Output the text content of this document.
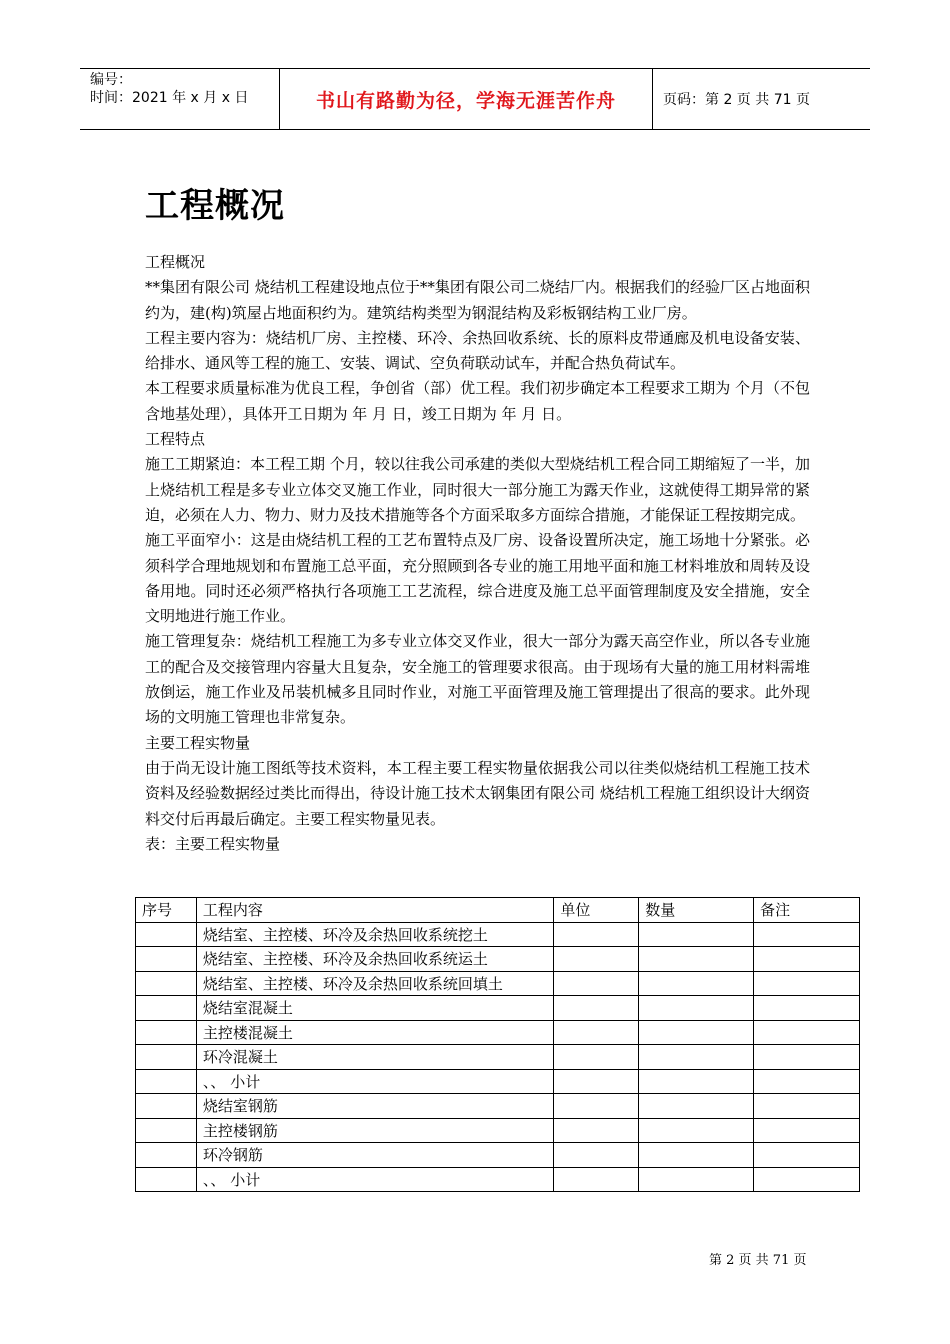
编号：
时间：2021 年 x 月 x 日	书山有路勤为径，学海无涯苦作舟	页码：第 2 页 共 71 页
工程概况

工程概况

**集团有限公司 烧结机工程建设地点位于**集团有限公司二烧结厂内。根据我们的经验厂区占地面积约为，建(构)筑屋占地面积约为。建筑结构类型为钢混结构及彩板钢结构工业厂房。

工程主要内容为：烧结机厂房、主控楼、环冷、余热回收系统、长的原料皮带通廊及机电设备安装、给排水、通风等工程的施工、安装、调试、空负荷联动试车，并配合热负荷试车。

本工程要求质量标准为优良工程，争创省（部）优工程。我们初步确定本工程要求工期为 个月（不包含地基处理），具体开工日期为 年 月 日，竣工日期为 年 月 日。

工程特点

施工工期紧迫：本工程工期 个月，较以往我公司承建的类似大型烧结机工程合同工期缩短了一半，加上烧结机工程是多专业立体交叉施工作业，同时很大一部分施工为露天作业，这就使得工期异常的紧迫，必须在人力、物力、财力及技术措施等各个方面采取多方面综合措施，才能保证工程按期完成。

施工平面窄小：这是由烧结机工程的工艺布置特点及厂房、设备设置所决定，施工场地十分紧张。必须科学合理地规划和布置施工总平面，充分照顾到各专业的施工用地平面和施工材料堆放和周转及设备用地。同时还必须严格执行各项施工工艺流程，综合进度及施工总平面管理制度及安全措施，安全文明地进行施工作业。

施工管理复杂：烧结机工程施工为多专业立体交叉作业，很大一部分为露天高空作业，所以各专业施工的配合及交接管理内容量大且复杂，安全施工的管理要求很高。由于现场有大量的施工用材料需堆放倒运，施工作业及吊装机械多且同时作业，对施工平面管理及施工管理提出了很高的要求。此外现场的文明施工管理也非常复杂。

主要工程实物量

由于尚无设计施工图纸等技术资料，本工程主要工程实物量依据我公司以往类似烧结机工程施工技术资料及经验数据经过类比而得出，待设计施工技术太钢集团有限公司 烧结机工程施工组织设计大纲资料交付后再最后确定。主要工程实物量见表。

表：主要工程实物量

序号	工程内容	单位	数量	备注
	烧结室、主控楼、环冷及余热回收系统挖土			
	烧结室、主控楼、环冷及余热回收系统运土			
	烧结室、主控楼、环冷及余热回收系统回填土			
	烧结室混凝土			
	主控楼混凝土			
	环冷混凝土			
	、、 小计			
	烧结室钢筋			
	主控楼钢筋			
	环冷钢筋			
	、、 小计			
第 2 页 共 71 页
